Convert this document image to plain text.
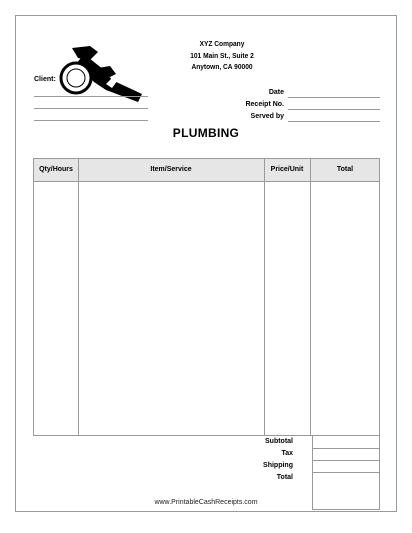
XYZ Company
101 Main St., Suite 2
Anytown, CA 90000
Client:
Date
Receipt No.
Served by
PLUMBING
Qty/Hours	Item/Service	Price/Unit	Total
Subtotal
Tax
Shipping
Total
www.PrintableCashReceipts.com
